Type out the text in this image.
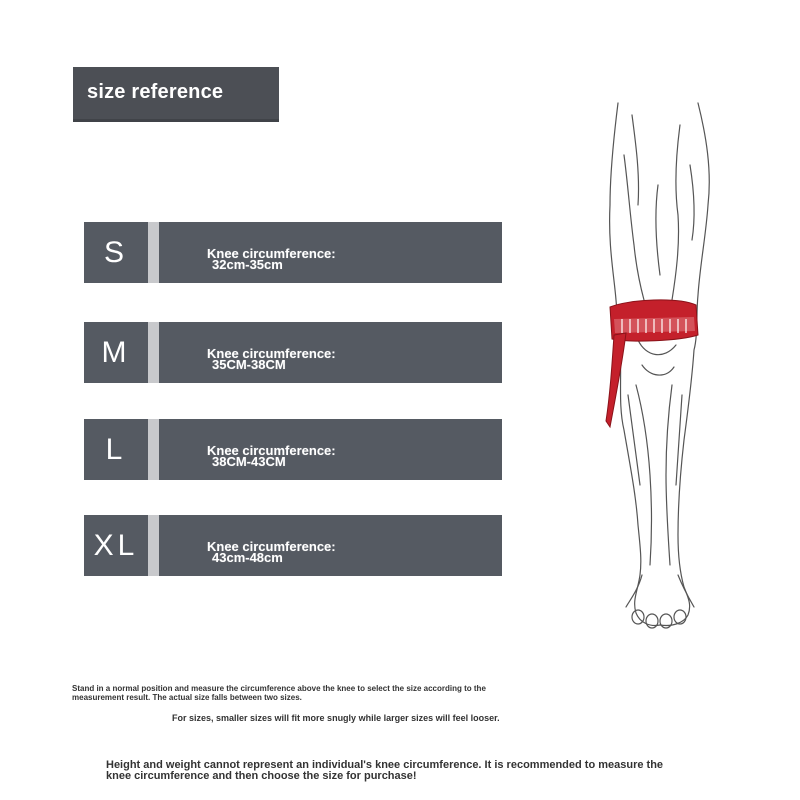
size reference
S	Knee circumference:
32cm-35cm
M	Knee circumference:
35CM-38CM
L	Knee circumference:
38CM-43CM
XL	Knee circumference:
43cm-48cm
Stand in a normal position and measure the circumference above the knee to select the size according to the measurement result. The actual size falls between two sizes.
For sizes, smaller sizes will fit more snugly while larger sizes will feel looser.
Height and weight cannot represent an individual's knee circumference. It is recommended to measure the knee circumference and then choose the size for purchase!
